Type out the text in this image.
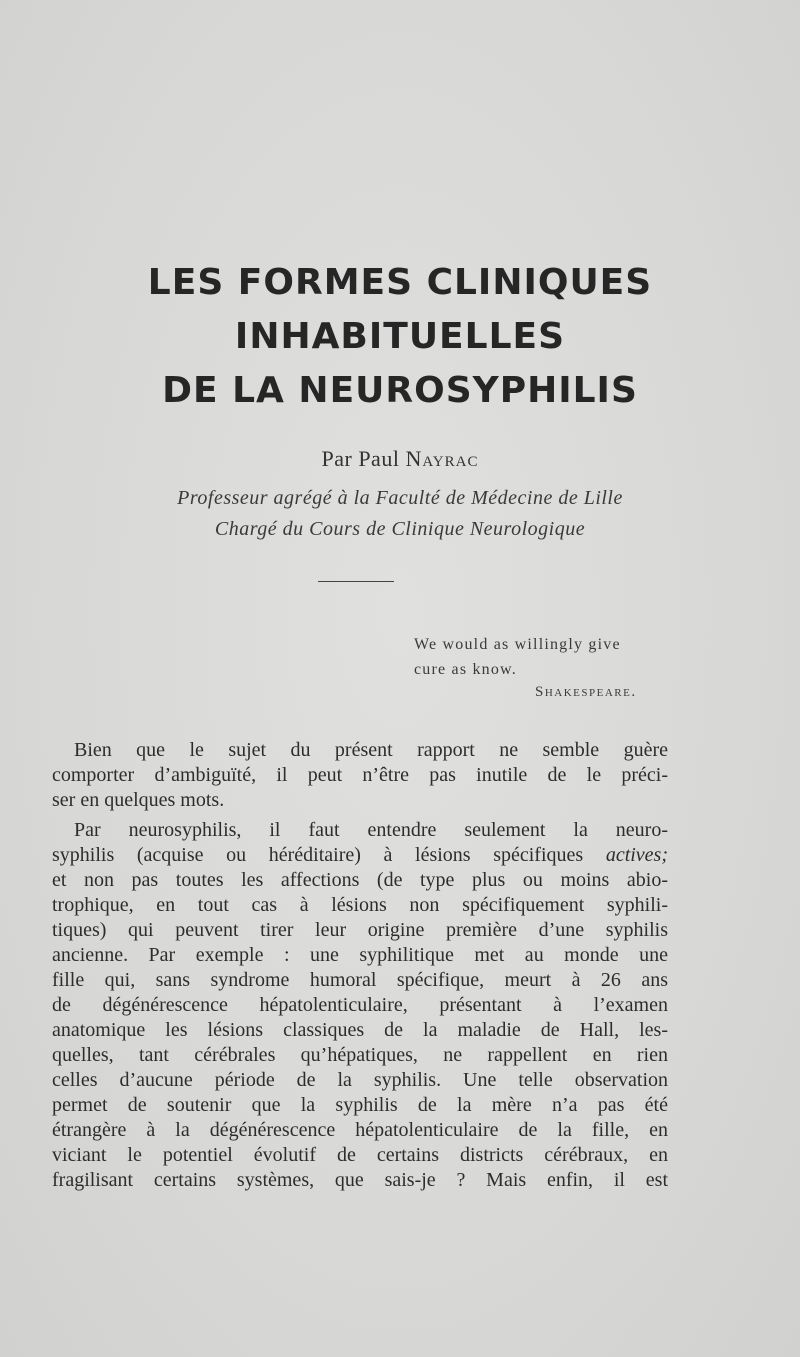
LES FORMES CLINIQUES
INHABITUELLES
DE LA NEUROSYPHILIS
Par Paul Nayrac
Professeur agrégé à la Faculté de Médecine de Lille
Chargé du Cours de Clinique Neurologique
We would as willingly give
cure as know.
Shakespeare.
Bien que le sujet du présent rapport ne semble guère
comporter d’ambiguïté, il peut n’être pas inutile de le préci-
ser en quelques mots.
Par neurosyphilis, il faut entendre seulement la neuro-
syphilis (acquise ou héréditaire) à lésions spécifiques actives;
et non pas toutes les affections (de type plus ou moins abio-
trophique, en tout cas à lésions non spécifiquement syphili-
tiques) qui peuvent tirer leur origine première d’une syphilis
ancienne. Par exemple : une syphilitique met au monde une
fille qui, sans syndrome humoral spécifique, meurt à 26 ans
de dégénérescence hépatolenticulaire, présentant à l’examen
anatomique les lésions classiques de la maladie de Hall, les-
quelles, tant cérébrales qu’hépatiques, ne rappellent en rien
celles d’aucune période de la syphilis. Une telle observation
permet de soutenir que la syphilis de la mère n’a pas été
étrangère à la dégénérescence hépatolenticulaire de la fille, en
viciant le potentiel évolutif de certains districts cérébraux, en
fragilisant certains systèmes, que sais-je ? Mais enfin, il est
